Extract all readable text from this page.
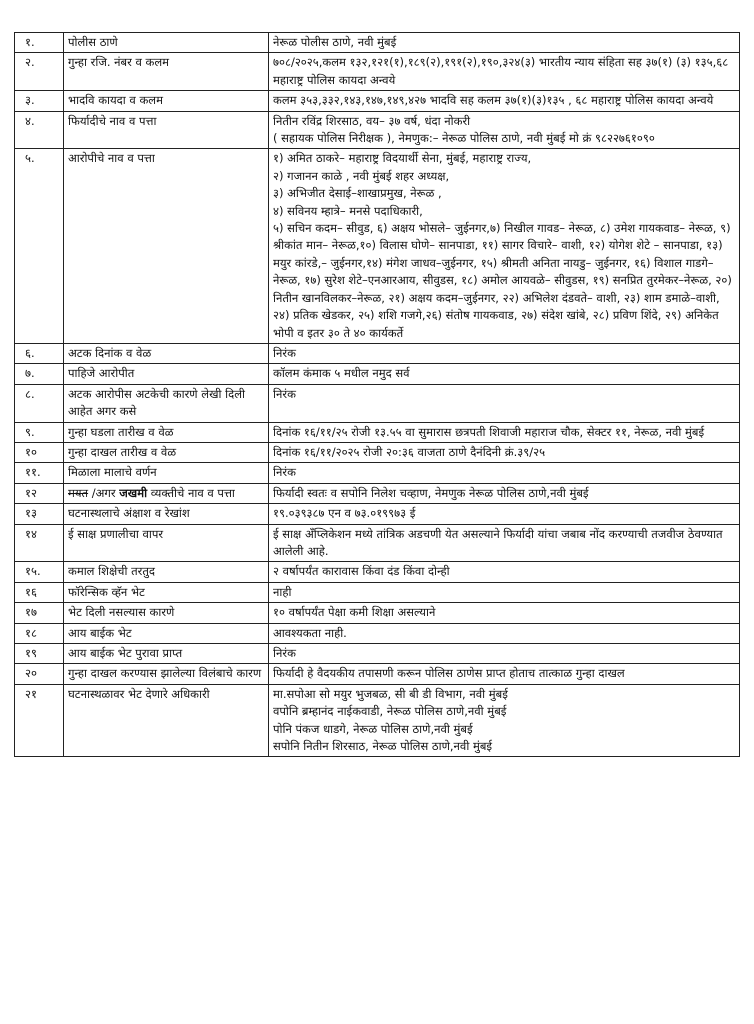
१.	पोलीस ठाणे	नेरूळ पोलीस ठाणे, नवी मुंबई

२.	गुन्हा रजि. नंबर व कलम	७०८/२०२५,कलम १३२,१२१(१),१८९(२),१९१(२),१९०,३२४(३) भारतीय न्याय संहिता सह ३७(१) (३) १३५,६८ महाराष्ट्र पोलिस कायदा अन्वये

३.	भादवि कायदा व कलम	कलम ३५३,३३२,१४३,१४७,१४९,४२७ भादवि सह कलम ३७(१)(३)१३५ , ६८ महाराष्ट्र पोलिस कायदा अन्वये

४.	फिर्यादीचे नाव व पत्ता	नितीन रविंद्र शिरसाठ, वय– ३७ वर्ष, धंदा नोकरी
( सहायक पोलिस निरीक्षक ), नेमणुक:– नेरूळ पोलिस ठाणे, नवी मुंबई मो क्रं ९८२२७६१०९०

५.	आरोपीचे नाव व पत्ता	१) अमित ठाकरे– महाराष्ट्र विदयार्थी सेना, मुंबई, महाराष्ट्र राज्य,
२) गजानन काळे , नवी मुंबई शहर अध्यक्ष,
३) अभिजीत देसाई–शाखाप्रमुख, नेरूळ ,
४) सविनय म्हात्रे– मनसे पदाधिकारी,
५) सचिन कदम– सीवुड, ६) अक्षय भोसले– जुईनगर,७) निखील गावड– नेरूळ, ८) उमेश गायकवाड– नेरूळ, ९) श्रीकांत मान– नेरूळ,१०) विलास घोणे– सानपाडा, ११) सागर विचारे– वाशी, १२) योगेश शेटे – सानपाडा, १३) मयुर कांरडे,– जुईनगर,१४) मंगेश जाधव–जुईनगर, १५) श्रीमती अनिता नायडु– जुईनगर, १६) विशाल गाडगे–नेरूळ, १७) सुरेश शेटे–एनआरआय, सीवुडस, १८) अमोल आयवळे– सीवुडस, १९) सनप्रित तुरमेकर–नेरूळ, २०) नितीन खानविलकर–नेरूळ, २१) अक्षय कदम–जुईनगर, २२) अभिलेश दंडवते– वाशी, २३) शाम डमाळे–वाशी, २४) प्रतिक खेडकर, २५) शशि गजगे,२६) संतोष गायकवाड, २७) संदेश खांबे, २८) प्रविण शिंदे, २९) अनिकेत भोपी व इतर ३० ते ४० कार्यकर्ते

६.	अटक दिनांक व वेळ	निरंक

७.	पाहिजे आरोपीत	कॉलम कंमाक ५ मधील नमुद सर्व

८.	अटक आरोपीस अटकेची कारणे लेखी दिली आहेत अगर कसे	निरंक

९.	गुन्हा घडला तारीख व वेळ	दिनांक १६/११/२५ रोजी १३.५५ वा सुमारास छत्रपती शिवाजी महाराज चौक, सेक्टर ११, नेरूळ, नवी मुंबई

१०	गुन्हा दाखल तारीख व वेळ	दिनांक १६/११/२०२५ रोजी २०:३६ वाजता ठाणे दैनंदिनी क्रं.३९/२५

११.	मिळाला मालाचे वर्णन	निरंक

१२	मयत /अगर जखमी व्यक्तीचे नाव व पत्ता	फिर्यादी स्वतः व सपोनि निलेश चव्हाण, नेमणुक नेरूळ पोलिस ठाणे,नवी मुंबई

१३	घटनास्थलाचे अंक्षाश व रेखांश	१९.०३९३८७ एन व ७३.०१९९७३ ई

१४	ई साक्ष प्रणालीचा वापर	ई साक्ष अँप्लिकेशन मध्ये तांत्रिक अडचणी येत असल्याने फिर्यादी यांचा जबाब नोंद करण्याची तजवीज ठेवण्यात आलेली आहे.

१५.	कमाल शिक्षेची तरतुद	२ वर्षापर्यंत कारावास किंवा दंड किंवा दोन्ही

१६	फॉरेन्सिक व्हॅन भेट	नाही

१७	भेट दिली नसल्यास कारणे	१० वर्षापर्यंत पेक्षा कमी शिक्षा असल्याने

१८	आय बाईक भेट	आवश्यकता नाही.

१९	आय बाईक भेट पुरावा प्राप्त	निरंक

२०	गुन्हा दाखल करण्यास झालेल्या विलंबाचे कारण	फिर्यादी हे वैदयकीय तपासणी करून पोलिस ठाणेस प्राप्त होताच तात्काळ गुन्हा दाखल

२१	घटनास्थळावर भेट देणारे अधिकारी	मा.सपोआ सो मयुर भुजबळ, सी बी डी विभाग, नवी मुंबई
वपोनि ब्रम्हानंद नाईकवाडी, नेरूळ पोलिस ठाणे,नवी मुंबई
पोनि पंकज धाडगे, नेरूळ पोलिस ठाणे,नवी मुंबई
सपोनि नितीन शिरसाठ, नेरूळ पोलिस ठाणे,नवी मुंबई
